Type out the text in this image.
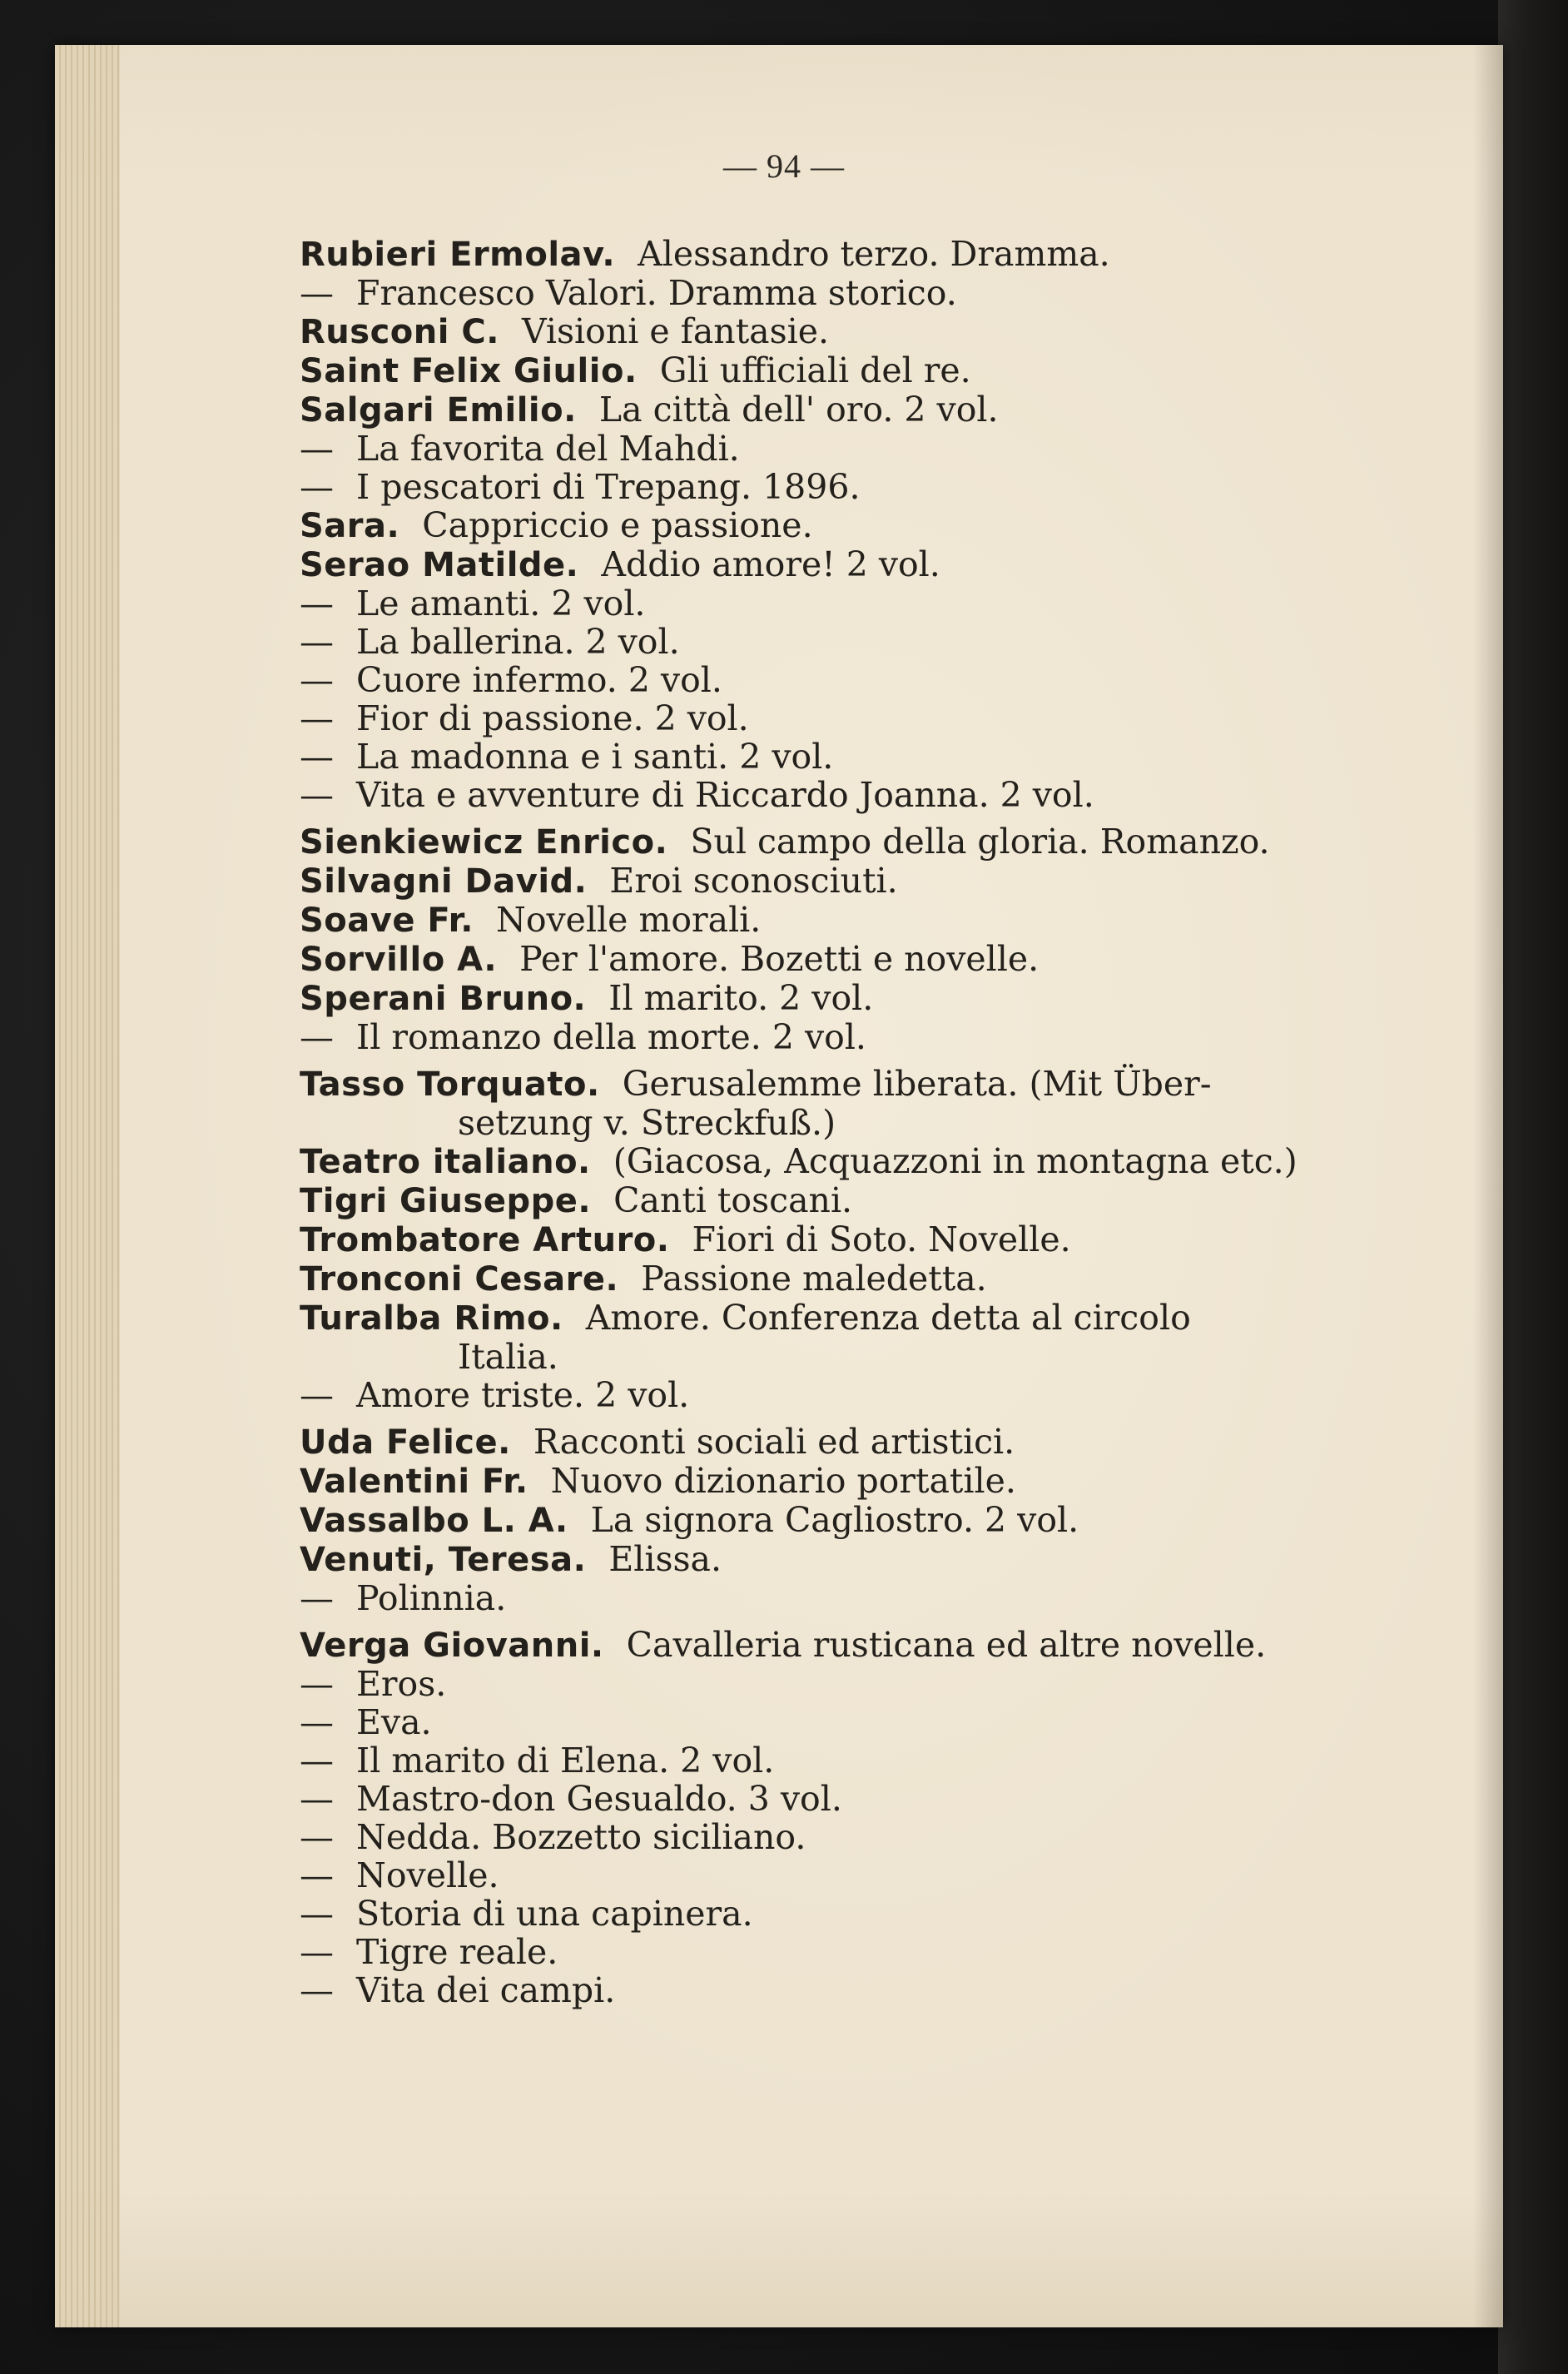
— 94 —
Rubieri Ermolav. Alessandro terzo. Dramma.
— Francesco Valori. Dramma storico.
Rusconi C. Visioni e fantasie.
Saint Felix Giulio. Gli ufficiali del re.
Salgari Emilio. La città dell' oro. 2 vol.
— La favorita del Mahdi.
— I pescatori di Trepang. 1896.
Sara. Cappriccio e passione.
Serao Matilde. Addio amore! 2 vol.
— Le amanti. 2 vol.
— La ballerina. 2 vol.
— Cuore infermo. 2 vol.
— Fior di passione. 2 vol.
— La madonna e i santi. 2 vol.
— Vita e avventure di Riccardo Joanna. 2 vol.
Sienkiewicz Enrico. Sul campo della gloria. Romanzo.
Silvagni David. Eroi sconosciuti.
Soave Fr. Novelle morali.
Sorvillo A. Per l'amore. Bozetti e novelle.
Sperani Bruno. Il marito. 2 vol.
— Il romanzo della morte. 2 vol.
Tasso Torquato. Gerusalemme liberata. (Mit Über-
setzung v. Streckfuß.)
Teatro italiano. (Giacosa, Acquazzoni in montagna etc.)
Tigri Giuseppe. Canti toscani.
Trombatore Arturo. Fiori di Soto. Novelle.
Tronconi Cesare. Passione maledetta.
Turalba Rimo. Amore. Conferenza detta al circolo
Italia.
— Amore triste. 2 vol.
Uda Felice. Racconti sociali ed artistici.
Valentini Fr. Nuovo dizionario portatile.
Vassalbo L. A. La signora Cagliostro. 2 vol.
Venuti, Teresa. Elissa.
— Polinnia.
Verga Giovanni. Cavalleria rusticana ed altre novelle.
— Eros.
— Eva.
— Il marito di Elena. 2 vol.
— Mastro-don Gesualdo. 3 vol.
— Nedda. Bozzetto siciliano.
— Novelle.
— Storia di una capinera.
— Tigre reale.
— Vita dei campi.
